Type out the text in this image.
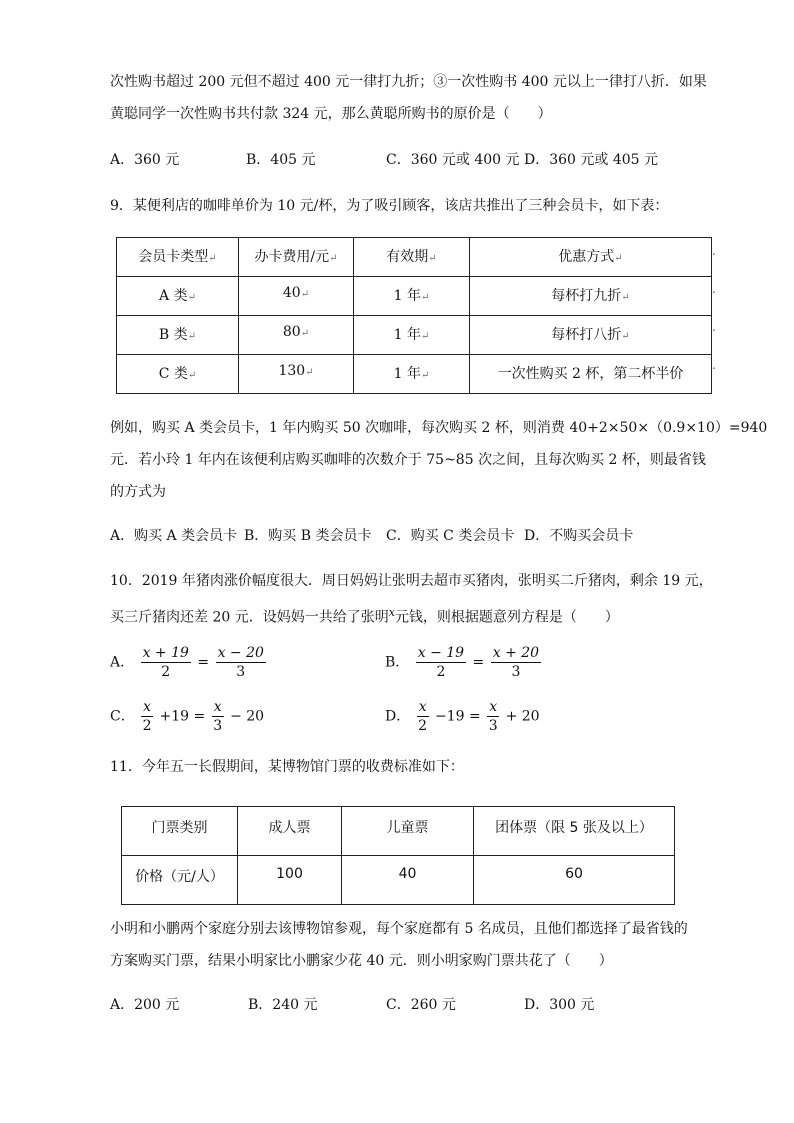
次性购书超过 200 元但不超过 400 元一律打九折；③一次性购书 400 元以上一律打八折．如果
黄聪同学一次性购书共付款 324 元，那么黄聪所购书的原价是（　　）
A．360 元	B．405 元	C．360 元或 400 元 D．360 元或 405 元
9．某便利店的咖啡单价为 10 元/杯，为了吸引顾客，该店共推出了三种会员卡，如下表：
会员卡类型↵	办卡费用/元↵	有效期↵	优惠方式↵
A 类↵	40↵	1 年↵	每杯打九折↵
B 类↵	80↵	1 年↵	每杯打八折↵
C 类↵	130↵	1 年↵	一次性购买 2 杯，第二杯半价
.
.
.
.
例如，购买 A 类会员卡，1 年内购买 50 次咖啡，每次购买 2 杯，则消费 40+2×50×（0.9×10）=940
元．若小玲 1 年内在该便利店购买咖啡的次数介于 75~85 次之间，且每次购买 2 杯，则最省钱
的方式为
A．购买 A 类会员卡 B．购买 B 类会员卡 C．购买 C 类会员卡 D．不购买会员卡
10．2019 年猪肉涨价幅度很大．周日妈妈让张明去超市买猪肉，张明买二斤猪肉，剩余 19 元，
买三斤猪肉还差 20 元．设妈妈一共给了张明$^x$元钱，则根据题意列方程是（　　）
A． $\frac{x + 19}{2} = \frac{x - 20}{3}$	B． $\frac{x - 19}{2} = \frac{x + 20}{3}$
C． $\frac{x}{2} +19 = \frac{x}{3} - 20$	D． $\frac{x}{2} -19 = \frac{x}{3} + 20$
11．今年五一长假期间，某博物馆门票的收费标准如下：
门票类别	成人票	儿童票	团体票（限 5 张及以上）
价格（元/人）	100	40	60
小明和小鹏两个家庭分别去该博物馆参观，每个家庭都有 5 名成员，且他们都选择了最省钱的
方案购买门票，结果小明家比小鹏家少花 40 元．则小明家购门票共花了（　　）
A．200 元	B．240 元	C．260 元	D．300 元
